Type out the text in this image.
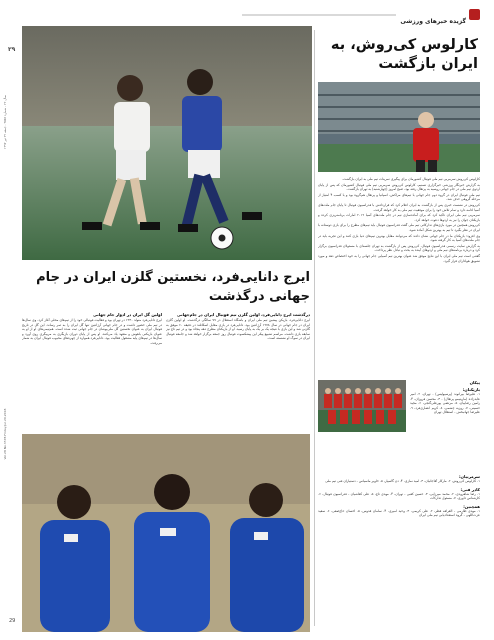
گزیده خبرهای ورزشی
۲۹
29
سال ۲۲ - شماره ۳۵۷۸ - جمعه ۲۹ تیر ۱۳۹۷
Vol.28 No.3578 Friday,Jul.20,2018
کارلوس کی‌روش، به ایران بازگشت

کارلوس کی‌روش سرمربی تیم ملی فوتبال کشورمان برای پیگیری تمرینات تیم ملی به ایران بازگشت.

به گزارش خبرنگار ورزشی خبرگزاری تسنیم، کارلوس کی‌روش سرمربی تیم ملی فوتبال کشورمان که پس از پایان اردوی تیم ملی در جام جهانی روسیه به پرتغال رفته بود، صبح امروز (چهارشنبه) به تهران بازگشت.

تیم ملی فوتبال ایران در گروه دوم جام جهانی با تیم‌های مراکش، اسپانیا و پرتغال هم‌گروه بود و با کسب ۴ امتیاز از مرحله گروهی حذف شد.

کی‌روش در نشست خبری پس از بازگشت به ایران اعلام کرد که قراردادش با فدراسیون فوتبال تا پایان جام ملت‌های آسیا ادامه دارد و تمام تلاش خود را برای موفقیت تیم ملی به کار خواهد گرفت.

سرمربی تیم ملی ایران تاکید کرد که برای آماده‌سازی تیم در جام ملت‌های آسیا ۲۰۱۹ امارات برنامه‌ریزی کرده و بازیکنان جوان را نیز به اردوها دعوت خواهد کرد.

کی‌روش همچنین در مورد بازی‌های تدارکاتی تیم ملی گفت فدراسیون فوتبال باید تیم‌های مطرح را برای بازی دوستانه با ایران در نظر بگیرد تا تیم به بهترین شکل آماده شود.

وی افزود: بازیکنان ما در جام جهانی نشان دادند که می‌توانند مقابل بهترین تیم‌های دنیا بازی کنند و این تجربه باید در جام ملت‌های آسیا به کار گرفته شود.

به گزارش سایت رسمی فدراسیون فوتبال، کی‌روش پس از بازگشت به تهران جلسه‌ای با مسئولان فدراسیون برگزار کرد و درباره برنامه‌های تیم ملی و اردوهای آینده به بحث و تبادل نظر پرداخت.

گفتنی است تیم ملی ایران با این نتایج موفق شد عنوان بهترین تیم آسیایی جام جهانی را به خود اختصاص دهد و مورد تشویق هواداران قرار گیرد.

پیکان
بازیکنان:
۱. علیرضا بیرانوند (پرسپولیس) - تهران، ۲. امیر عابدزاده (ماریتیمو پرتغال) - ۳. محسن فروزان، ۴. رامین رضاییان، ۵. مرتضی پورعلی‌گنجی، ۶. مجید حسینی، ۷. روزبه چشمی، ۸. کریم انصاری‌فرد، ۹. علیرضا جهانبخش - استقلال تهران
سرمربیان:
۱. کارلوس کی‌روش، ۲. مارکار آقاجانیان، ۳. امید نمازی، ۴. دن گاسپار، ۵. خاویر ماسیاس - دستیاران فنی تیم ملی
کادر فنی:
۱. رضا شاهرودی، ۲. محمد میرزایی، ۳. حسین کعبی - تهران، ۴. مهدی تاج، ۵. علی کفاشیان - فدراسیون فوتبال، ۶. کارشناس داوری، ۷. مسئول تدارکات
همچنین:
۱. مهدی طارمی - الغرافه قطر، ۲. علی کریمی، ۳. وحید امیری، ۴. سامان قدوس، ۵. احسان حاج‌صفی، ۶. سعید عزت‌اللهی - گروه استعدادیابی تیم ملی ایران
ایرج دانایی‌فرد، نخستین گلزن ایران در جام جهانی درگذشت
درگذشت ایرج دانایی‌فرد، اولین گلزن تیم فوتبال ایران در جام‌جهانی
ایرج دانایی‌فرد، بازیکن پیشین تیم ملی ایران و باشگاه استقلال در ۷۷ سالگی درگذشت. او اولین گلزن ایران در جام جهانی در سال ۱۹۷۸ آرژانتین بود. دانایی‌فرد در بازی مقابل اسکاتلند در دقیقه ۶۰ موفق به گلزنی شد و این بازی با نتیجه یک بر یک به پایان رسید. او از بازیکنان مطرح دهه پنجاه بود و در تیم تاج نیز سابقه بازی داشت. مراسم تشییع پیکر این پیشکسوت فوتبال روز جمعه برگزار خواهد شد و جامعه فوتبال ایران در سوگ او نشسته است.
اولین گل ایران در ادوار جام جهانی
ایرج دانایی‌فرد متولد ۱۳۳۰ در تهران بود و فعالیت فوتبالی خود را از تیم‌های محلی آغاز کرد. وی سال‌ها در تیم ملی حضور داشت و در جام جهانی آرژانتین تنها گل ایران را به ثمر رساند. این گل در تاریخ فوتبال ایران به عنوان نخستین گل ملی‌پوشان در جام جهانی ثبت شده است. هم‌تیمی‌های او از او به عنوان بازیکنی باهوش و متعهد یاد می‌کنند. او پس از پایان دوران بازیگری به مربیگری روی آورد و سال‌ها در تیم‌های پایه مشغول فعالیت بود. دانایی‌فرد همواره از چهره‌های محبوب فوتبال ایران به شمار می‌رفت.
